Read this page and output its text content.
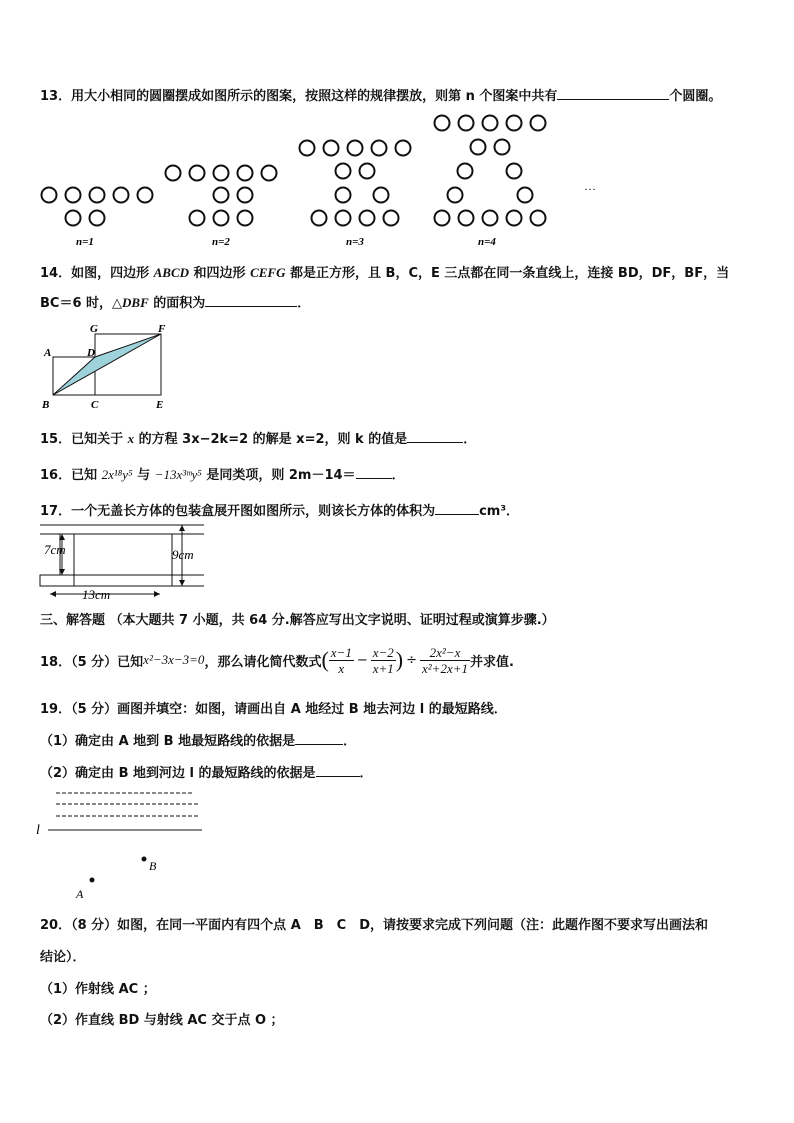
13．用大小相同的圆圈摆成如图所示的图案，按照这样的规律摆放，则第 n 个图案中共有	个圆圈。
n=1	n=2	n=3	n=4
…
14．如图，四边形 ABCD 和四边形 CEFG 都是正方形，且 B，C，E 三点都在同一条直线上，连接 BD，DF，BF，当
BC＝6 时，△DBF 的面积为	．
G	F
A	D
B	C	E
15．已知关于 x 的方程 3x−2k=2 的解是 x=2，则 k 的值是	．
16．已知 2x¹⁸y⁵ 与 −13x³ᵐy⁵ 是同类项，则 2m－14＝	．
17．一个无盖长方体的包装盒展开图如图所示，则该长方体的体积为	cm³．
7cm	9cm
13cm
三、解答题 （本大题共 7 小题，共 64 分.解答应写出文字说明、证明过程或演算步骤.）
18．（5 分）已知 x²−3x−3=0 ，那么请化简代数式 ( $\frac{x-1}{x} - \frac{x-2}{x+1}$ ) ÷ $\frac{\text{2x²−x}}{\text{x²+2x+1}}$ 并求值.
19．（5 分）画图并填空：如图，请画出自 A 地经过 B 地去河边 l 的最短路线．
（1）确定由 A 地到 B 地最短路线的依据是	．
（2）确定由 B 地到河边 l 的最短路线的依据是	．
l
B
A
20．（8 分）如图，在同一平面内有四个点 A　B　C　D，请按要求完成下列问题（注：此题作图不要求写出画法和
结论）．
（1）作射线 AC ；
（2）作直线 BD 与射线 AC 交于点 O ；
